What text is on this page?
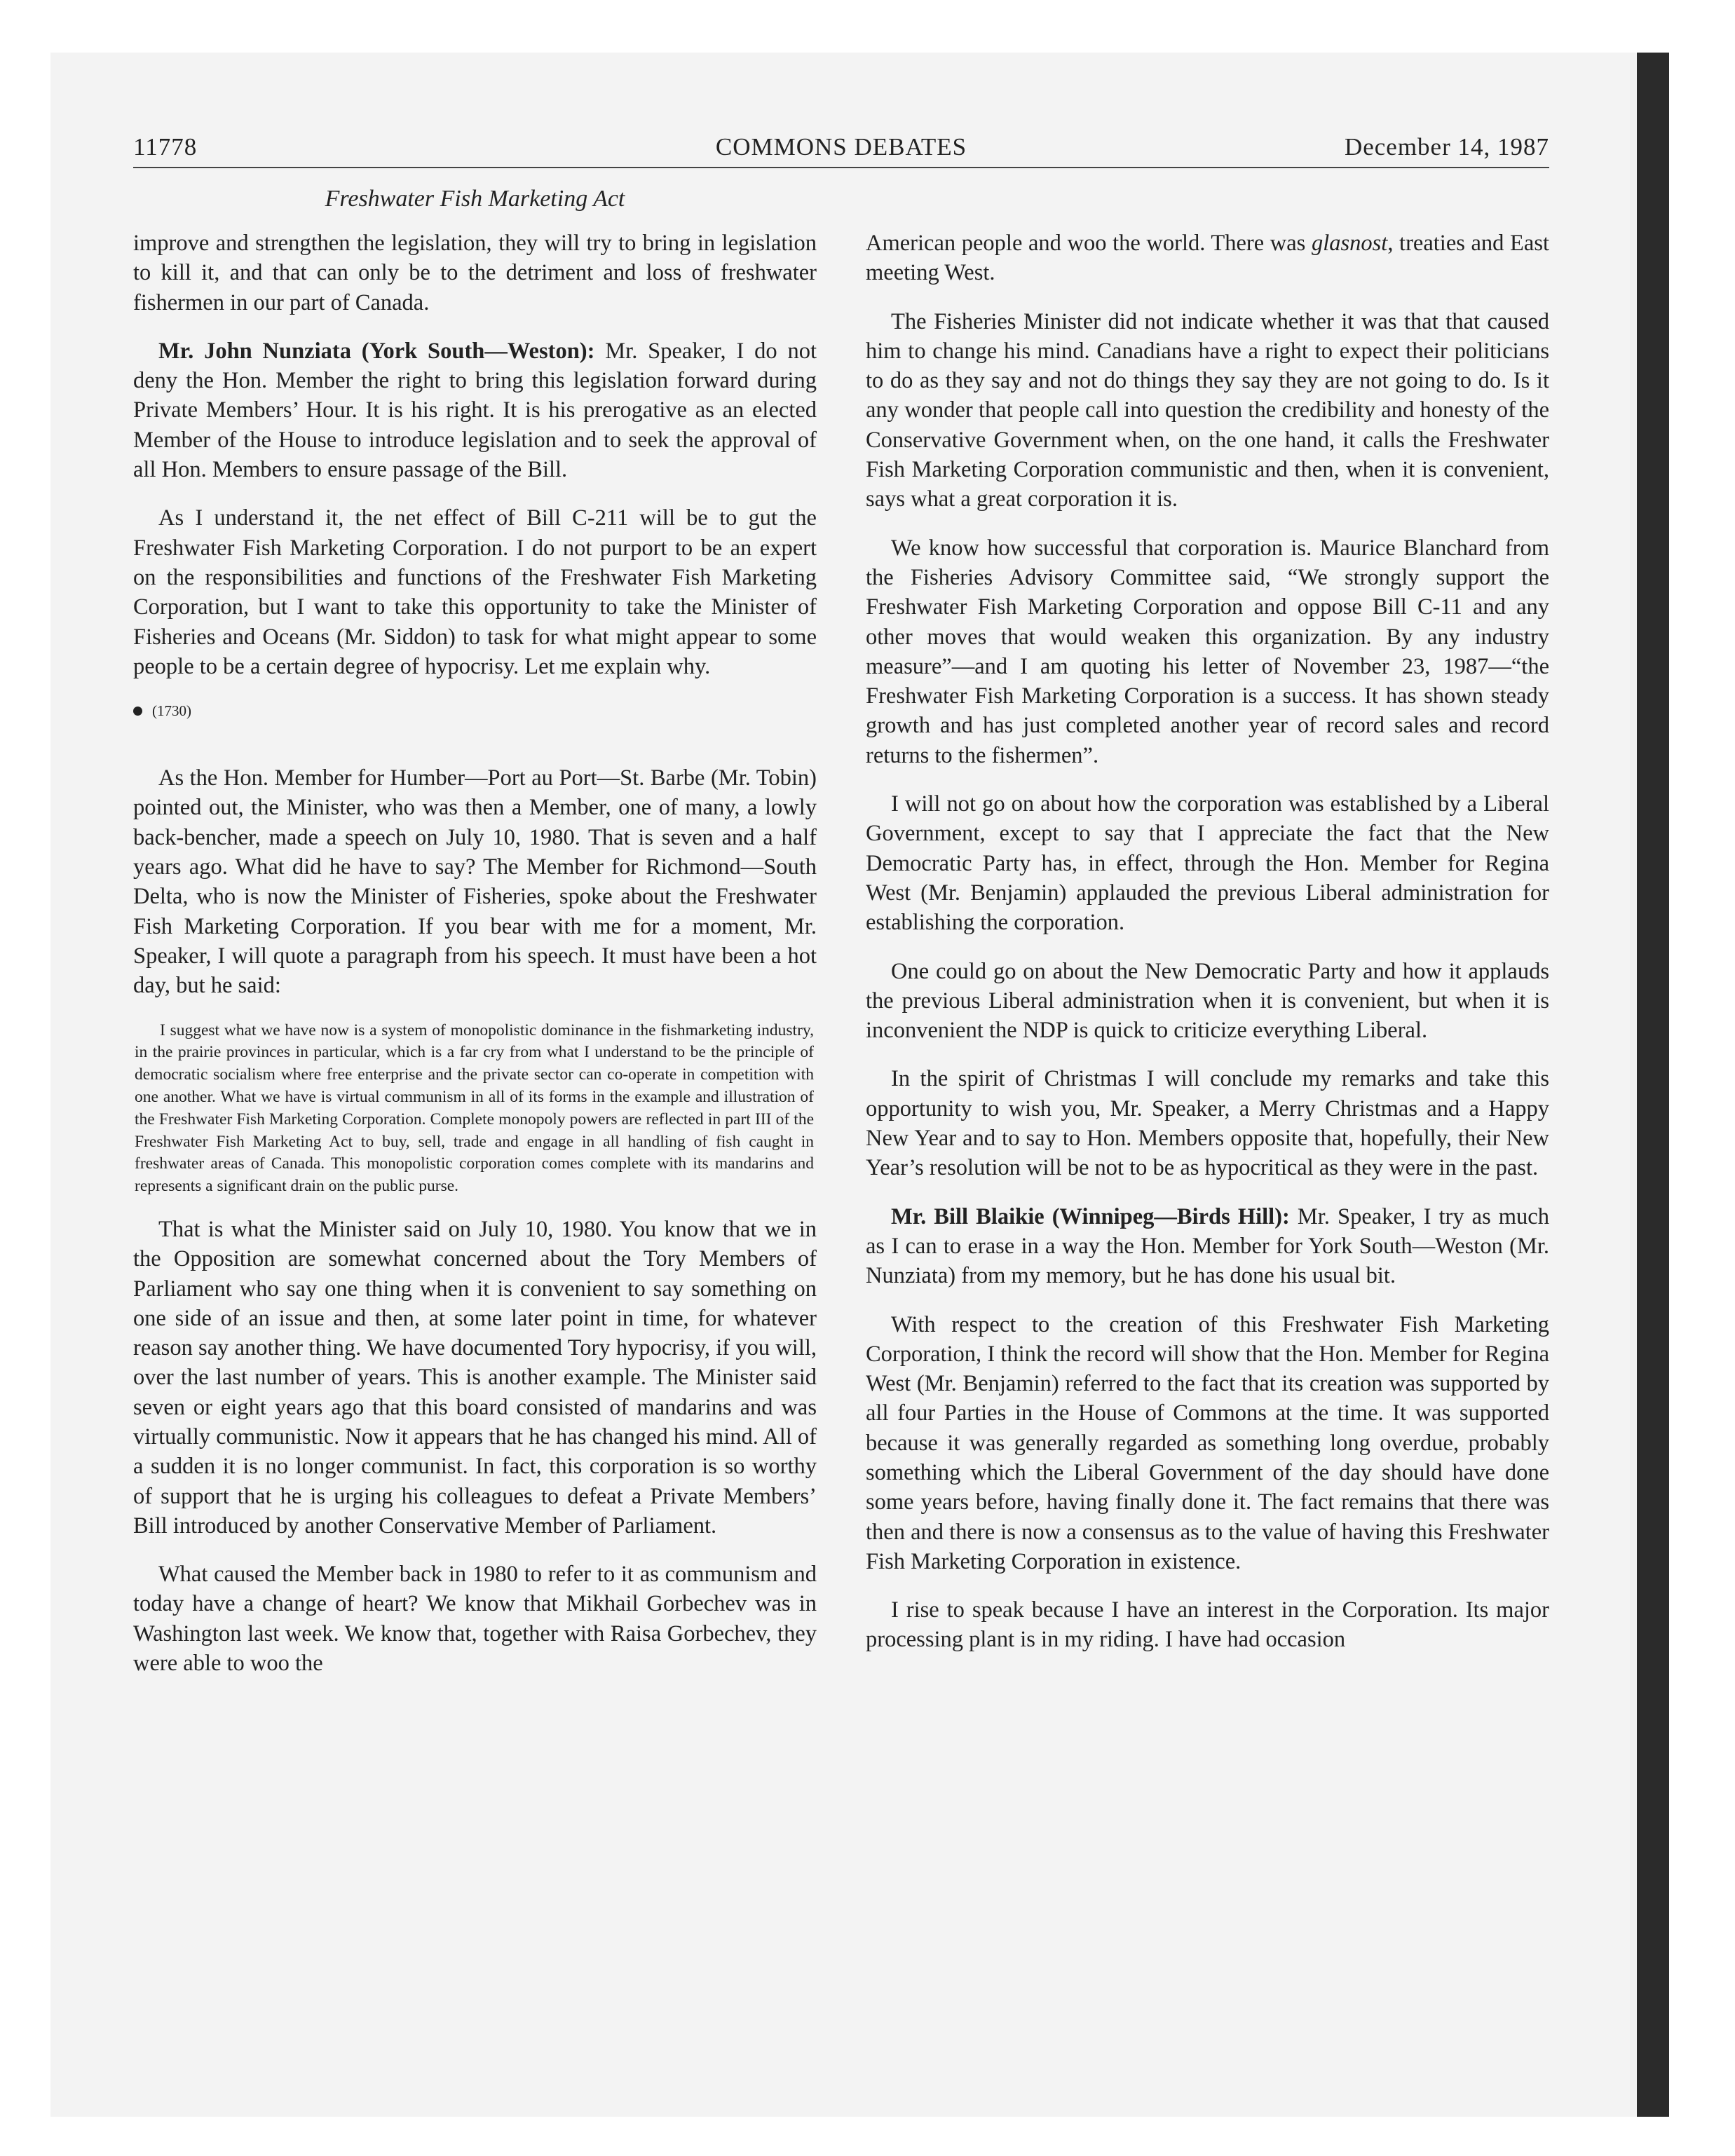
11778	COMMONS DEBATES	December 14, 1987
Freshwater Fish Marketing Act

improve and strengthen the legislation, they will try to bring in legislation to kill it, and that can only be to the detriment and loss of freshwater fishermen in our part of Canada.

Mr. John Nunziata (York South—Weston): Mr. Speaker, I do not deny the Hon. Member the right to bring this legislation forward during Private Members’ Hour. It is his right. It is his prerogative as an elected Member of the House to introduce legislation and to seek the approval of all Hon. Members to ensure passage of the Bill.

As I understand it, the net effect of Bill C-211 will be to gut the Freshwater Fish Marketing Corporation. I do not purport to be an expert on the responsibilities and functions of the Freshwater Fish Marketing Corporation, but I want to take this opportunity to take the Minister of Fisheries and Oceans (Mr. Siddon) to task for what might appear to some people to be a certain degree of hypocrisy. Let me explain why.

(1730)

As the Hon. Member for Humber—Port au Port—St. Barbe (Mr. Tobin) pointed out, the Minister, who was then a Member, one of many, a lowly back-bencher, made a speech on July 10, 1980. That is seven and a half years ago. What did he have to say? The Member for Richmond—South Delta, who is now the Minister of Fisheries, spoke about the Freshwater Fish Marketing Corporation. If you bear with me for a moment, Mr. Speaker, I will quote a paragraph from his speech. It must have been a hot day, but he said:

I suggest what we have now is a system of monopolistic dominance in the fishmarketing industry, in the prairie provinces in particular, which is a far cry from what I understand to be the principle of democratic socialism where free enterprise and the private sector can co-operate in competition with one another. What we have is virtual communism in all of its forms in the example and illustration of the Freshwater Fish Marketing Corporation. Complete monopoly powers are reflected in part III of the Freshwater Fish Marketing Act to buy, sell, trade and engage in all handling of fish caught in freshwater areas of Canada. This monopolistic corporation comes complete with its mandarins and represents a significant drain on the public purse.

That is what the Minister said on July 10, 1980. You know that we in the Opposition are somewhat concerned about the Tory Members of Parliament who say one thing when it is convenient to say something on one side of an issue and then, at some later point in time, for whatever reason say another thing. We have documented Tory hypocrisy, if you will, over the last number of years. This is another example. The Minister said seven or eight years ago that this board consisted of mandarins and was virtually communistic. Now it appears that he has changed his mind. All of a sudden it is no longer communist. In fact, this corporation is so worthy of support that he is urging his colleagues to defeat a Private Members’ Bill introduced by another Conservative Member of Parliament.

What caused the Member back in 1980 to refer to it as communism and today have a change of heart? We know that Mikhail Gorbechev was in Washington last week. We know that, together with Raisa Gorbechev, they were able to woo the

American people and woo the world. There was glasnost, treaties and East meeting West.

The Fisheries Minister did not indicate whether it was that that caused him to change his mind. Canadians have a right to expect their politicians to do as they say and not do things they say they are not going to do. Is it any wonder that people call into question the credibility and honesty of the Conservative Government when, on the one hand, it calls the Freshwater Fish Marketing Corporation communistic and then, when it is convenient, says what a great corporation it is.

We know how successful that corporation is. Maurice Blanchard from the Fisheries Advisory Committee said, “We strongly support the Freshwater Fish Marketing Corporation and oppose Bill C-11 and any other moves that would weaken this organization. By any industry measure”—and I am quoting his letter of November 23, 1987—“the Freshwater Fish Marketing Corporation is a success. It has shown steady growth and has just completed another year of record sales and record returns to the fishermen”.

I will not go on about how the corporation was established by a Liberal Government, except to say that I appreciate the fact that the New Democratic Party has, in effect, through the Hon. Member for Regina West (Mr. Benjamin) applauded the previous Liberal administration for establishing the corporation.

One could go on about the New Democratic Party and how it applauds the previous Liberal administration when it is convenient, but when it is inconvenient the NDP is quick to criticize everything Liberal.

In the spirit of Christmas I will conclude my remarks and take this opportunity to wish you, Mr. Speaker, a Merry Christmas and a Happy New Year and to say to Hon. Members opposite that, hopefully, their New Year’s resolution will be not to be as hypocritical as they were in the past.

Mr. Bill Blaikie (Winnipeg—Birds Hill): Mr. Speaker, I try as much as I can to erase in a way the Hon. Member for York South—Weston (Mr. Nunziata) from my memory, but he has done his usual bit.

With respect to the creation of this Freshwater Fish Marketing Corporation, I think the record will show that the Hon. Member for Regina West (Mr. Benjamin) referred to the fact that its creation was supported by all four Parties in the House of Commons at the time. It was supported because it was generally regarded as something long overdue, probably something which the Liberal Government of the day should have done some years before, having finally done it. The fact remains that there was then and there is now a consensus as to the value of having this Freshwater Fish Marketing Corporation in existence.

I rise to speak because I have an interest in the Corporation. Its major processing plant is in my riding. I have had occasion
